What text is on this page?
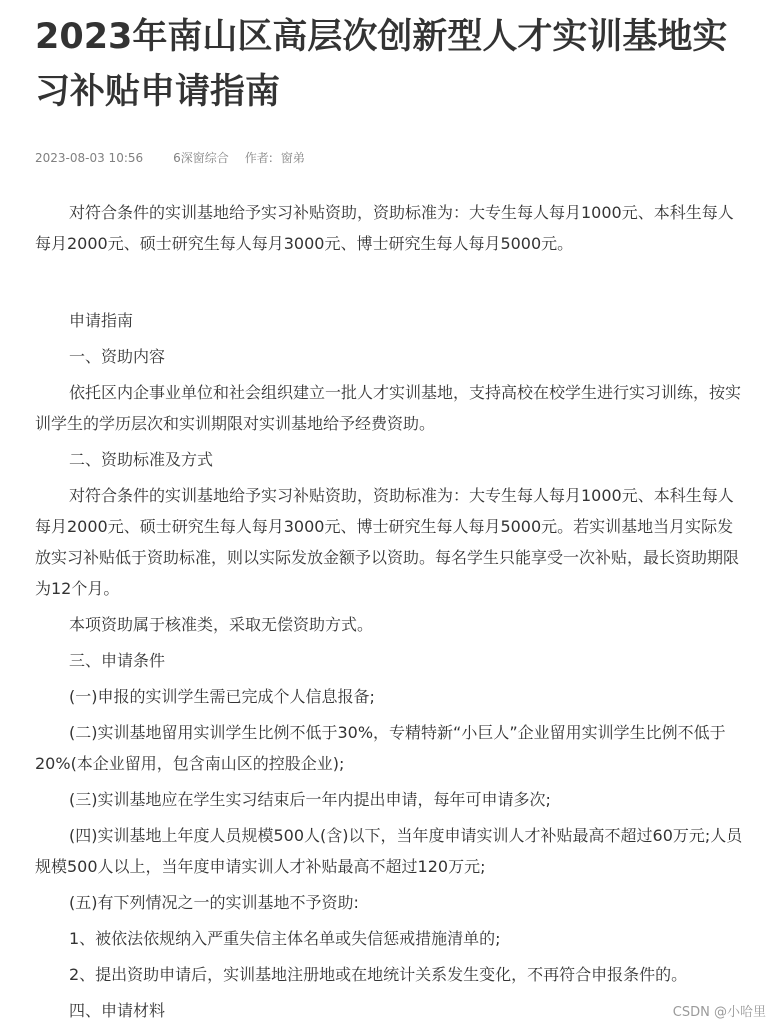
2023年南山区高层次创新型人才实训基地实习补贴申请指南
2023-08-03 10:56	6深窗综合 作者: 窗弟

对符合条件的实训基地给予实习补贴资助，资助标准为：大专生每人每月1000元、本科生每人每月2000元、硕士研究生每人每月3000元、博士研究生每人每月5000元。

申请指南

一、资助内容

依托区内企事业单位和社会组织建立一批人才实训基地，支持高校在校学生进行实习训练，按实训学生的学历层次和实训期限对实训基地给予经费资助。

二、资助标准及方式

对符合条件的实训基地给予实习补贴资助，资助标准为：大专生每人每月1000元、本科生每人每月2000元、硕士研究生每人每月3000元、博士研究生每人每月5000元。若实训基地当月实际发放实习补贴低于资助标准，则以实际发放金额予以资助。每名学生只能享受一次补贴，最长资助期限为12个月。

本项资助属于核准类，采取无偿资助方式。

三、申请条件

(一)申报的实训学生需已完成个人信息报备;

(二)实训基地留用实训学生比例不低于30%，专精特新“小巨人”企业留用实训学生比例不低于20%(本企业留用，包含南山区的控股企业);

(三)实训基地应在学生实习结束后一年内提出申请，每年可申请多次;

(四)实训基地上年度人员规模500人(含)以下，当年度申请实训人才补贴最高不超过60万元;人员规模500人以上，当年度申请实训人才补贴最高不超过120万元;

(五)有下列情况之一的实训基地不予资助:

1、被依法依规纳入严重失信主体名单或失信惩戒措施清单的;

2、提出资助申请后，实训基地注册地或在地统计关系发生变化，不再符合申报条件的。

四、申请材料	CSDN @小哈里
